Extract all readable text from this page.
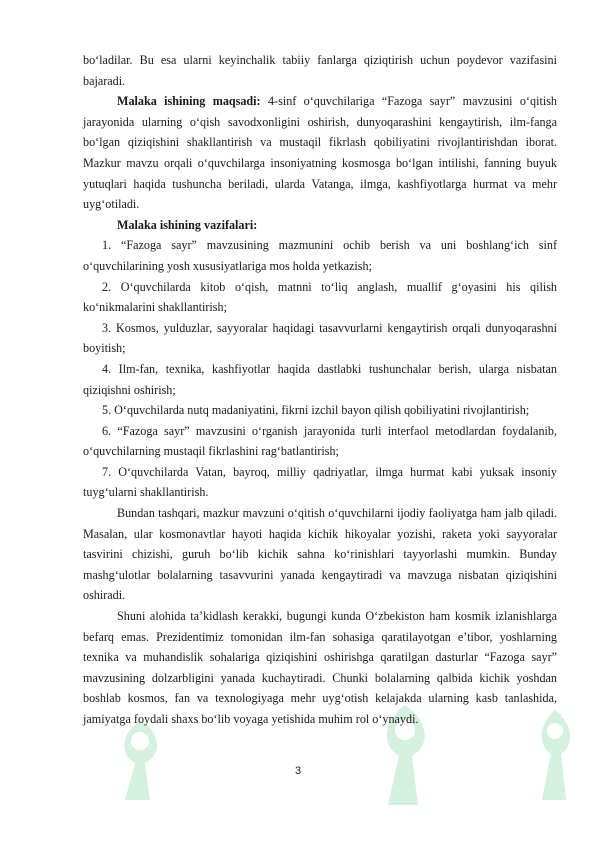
bo‘ladilar. Bu esa ularni keyinchalik tabiiy fanlarga qiziqtirish uchun poydevor vazifasini bajaradi.

Malaka ishining maqsadi: 4-sinf o‘quvchilariga “Fazoga sayr” mavzusini o‘qitish jarayonida ularning o‘qish savodxonligini oshirish, dunyoqarashini kengaytirish, ilm-fanga bo‘lgan qiziqishini shakllantirish va mustaqil fikrlash qobiliyatini rivojlantirishdan iborat. Mazkur mavzu orqali o‘quvchilarga insoniyatning kosmosga bo‘lgan intilishi, fanning buyuk yutuqlari haqida tushuncha beriladi, ularda Vatanga, ilmga, kashfiyotlarga hurmat va mehr uyg‘otiladi.

Malaka ishining vazifalari:

1. “Fazoga sayr” mavzusining mazmunini ochib berish va uni boshlang‘ich sinf o‘quvchilarining yosh xususiyatlariga mos holda yetkazish;

2. O‘quvchilarda kitob o‘qish, matnni to‘liq anglash, muallif g‘oyasini his qilish ko‘nikmalarini shakllantirish;

3. Kosmos, yulduzlar, sayyoralar haqidagi tasavvurlarni kengaytirish orqali dunyoqarashni boyitish;

4. Ilm-fan, texnika, kashfiyotlar haqida dastlabki tushunchalar berish, ularga nisbatan qiziqishni oshirish;

5. O‘quvchilarda nutq madaniyatini, fikrni izchil bayon qilish qobiliyatini rivojlantirish;

6. “Fazoga sayr” mavzusini o‘rganish jarayonida turli interfaol metodlardan foydalanib, o‘quvchilarning mustaqil fikrlashini rag‘batlantirish;

7. O‘quvchilarda Vatan, bayroq, milliy qadriyatlar, ilmga hurmat kabi yuksak insoniy tuyg‘ularni shakllantirish.

Bundan tashqari, mazkur mavzuni o‘qitish o‘quvchilarni ijodiy faoliyatga ham jalb qiladi. Masalan, ular kosmonavtlar hayoti haqida kichik hikoyalar yozishi, raketa yoki sayyoralar tasvirini chizishi, guruh bo‘lib kichik sahna ko‘rinishlari tayyorlashi mumkin. Bunday mashg‘ulotlar bolalarning tasavvurini yanada kengaytiradi va mavzuga nisbatan qiziqishini oshiradi.

Shuni alohida ta’kidlash kerakki, bugungi kunda O‘zbekiston ham kosmik izlanishlarga befarq emas. Prezidentimiz tomonidan ilm-fan sohasiga qaratilayotgan e’tibor, yoshlarning texnika va muhandislik sohalariga qiziqishini oshirishga qaratilgan dasturlar “Fazoga sayr” mavzusining dolzarbligini yanada kuchaytiradi. Chunki bolalarning qalbida kichik yoshdan boshlab kosmos, fan va texnologiyaga mehr uyg‘otish kelajakda ularning kasb tanlashida, jamiyatga foydali shaxs bo‘lib voyaga yetishida muhim rol o‘ynaydi.

3
